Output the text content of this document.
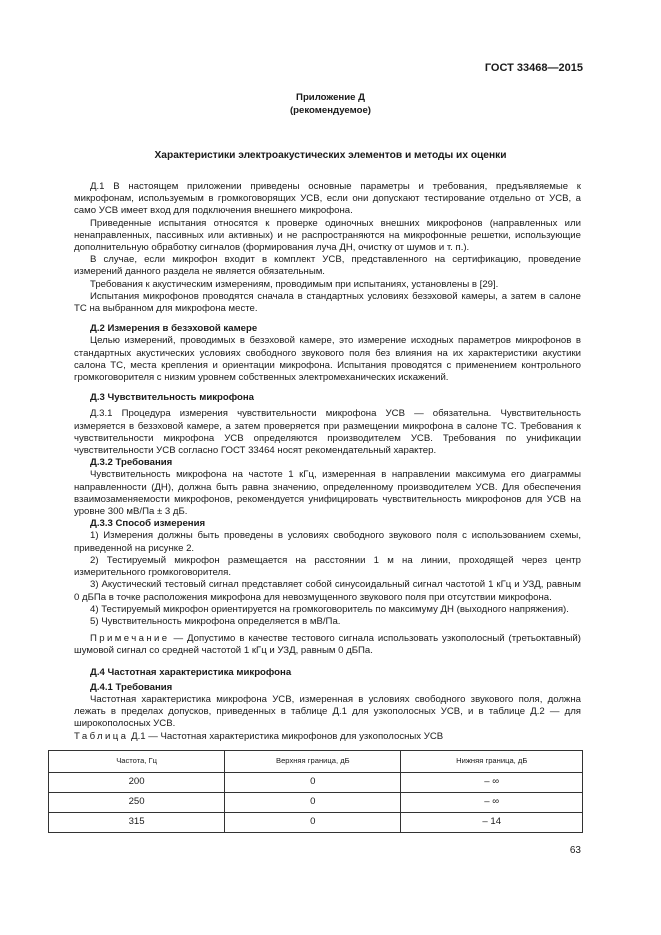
ГОСТ 33468—2015
Приложение Д
(рекомендуемое)
Характеристики электроакустических элементов и методы их оценки

Д.1 В настоящем приложении приведены основные параметры и требования, предъявляемые к микрофонам, используемым в громкоговорящих УСВ, если они допускают тестирование отдельно от УСВ, а само УСВ имеет вход для подключения внешнего микрофона.

Приведенные испытания относятся к проверке одиночных внешних микрофонов (направленных или ненаправленных, пассивных или активных) и не распространяются на микрофонные решетки, использующие дополнительную обработку сигналов (формирования луча ДН, очистку от шумов и т. п.).

В случае, если микрофон входит в комплект УСВ, представленного на сертификацию, проведение измерений данного раздела не является обязательным.

Требования к акустическим измерениям, проводимым при испытаниях, установлены в [29].

Испытания микрофонов проводятся сначала в стандартных условиях безэховой камеры, а затем в салоне ТС на выбранном для микрофона месте.

Д.2 Измерения в безэховой камере

Целью измерений, проводимых в безэховой камере, это измерение исходных параметров микрофонов в стандартных акустических условиях свободного звукового поля без влияния на их характеристики акустики салона ТС, места крепления и ориентации микрофона. Испытания проводятся с применением контрольного громкоговорителя с низким уровнем собственных электромеханических искажений.

Д.3 Чувствительность микрофона

Д.3.1 Процедура измерения чувствительности микрофона УСВ — обязательна. Чувствительность измеряется в безэховой камере, а затем проверяется при размещении микрофона в салоне ТС. Требования к чувствительности микрофона УСВ определяются производителем УСВ. Требования по унификации чувствительности УСВ согласно ГОСТ 33464 носят рекомендательный характер.

Д.3.2 Требования

Чувствительность микрофона на частоте 1 кГц, измеренная в направлении максимума его диаграммы направленности (ДН), должна быть равна значению, определенному производителем УСВ. Для обеспечения взаимозаменяемости микрофонов, рекомендуется унифицировать чувствительность микрофонов для УСВ на уровне 300 мВ/Па ± 3 дБ.

Д.3.3 Способ измерения

1) Измерения должны быть проведены в условиях свободного звукового поля с использованием схемы, приведенной на рисунке 2.

2) Тестируемый микрофон размещается на расстоянии 1 м на линии, проходящей через центр измерительного громкоговорителя.

3) Акустический тестовый сигнал представляет собой синусоидальный сигнал частотой 1 кГц и УЗД, равным 0 дБПа в точке расположения микрофона для невозмущенного звукового поля при отсутствии микрофона.

4) Тестируемый микрофон ориентируется на громкоговоритель по максимуму ДН (выходного напряжения).

5) Чувствительность микрофона определяется в мВ/Па.

Примечание — Допустимо в качестве тестового сигнала использовать узкополосный (третьоктавный) шумовой сигнал со средней частотой 1 кГц и УЗД, равным 0 дБПа.

Д.4 Частотная характеристика микрофона

Д.4.1 Требования

Частотная характеристика микрофона УСВ, измеренная в условиях свободного звукового поля, должна лежать в пределах допусков, приведенных в таблице Д.1 для узкополосных УСВ, и в таблице Д.2 — для широкополосных УСВ.

Таблица Д.1 — Частотная характеристика микрофонов для узкополосных УСВ

Частота, Гц	Верхняя граница, дБ	Нижняя граница, дБ
200	0	– ∞
250	0	– ∞
315	0	– 14
63
